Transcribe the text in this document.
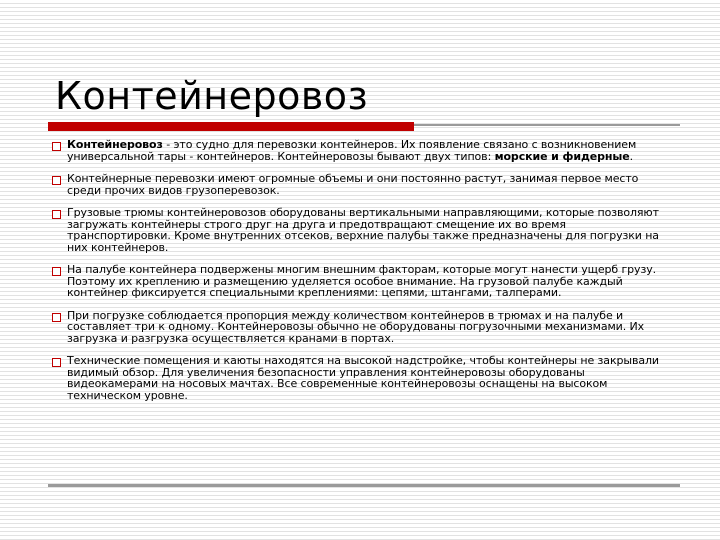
Контейнеровоз
Контейнеровоз - это судно для перевозки контейнеров. Их появление связано с возникновением универсальной тары - контейнеров. Контейнеровозы бывают двух типов: морские и фидерные.
Контейнерные перевозки имеют огромные объемы и они постоянно растут, занимая первое место среди прочих видов грузоперевозок.
Грузовые трюмы контейнеровозов оборудованы вертикальными направляющими, которые позволяют загружать контейнеры строго друг на друга и предотвращают смещение их во время транспортировки. Кроме внутренних отсеков, верхние палубы также предназначены для погрузки на них контейнеров.
На палубе контейнера подвержены многим внешним факторам, которые могут нанести ущерб грузу. Поэтому их креплению и размещению уделяется особое внимание. На грузовой палубе каждый контейнер фиксируется специальными креплениями: цепями, штангами, талперами.
При погрузке соблюдается пропорция между количеством контейнеров в трюмах и на палубе и составляет три к одному. Контейнеровозы обычно не оборудованы погрузочными механизмами. Их загрузка и разгрузка осуществляется кранами в портах.
Технические помещения и каюты находятся на высокой надстройке, чтобы контейнеры не закрывали видимый обзор. Для увеличения безопасности управления контейнеровозы оборудованы видеокамерами на носовых мачтах. Все современные контейнеровозы оснащены на высоком техническом уровне.
